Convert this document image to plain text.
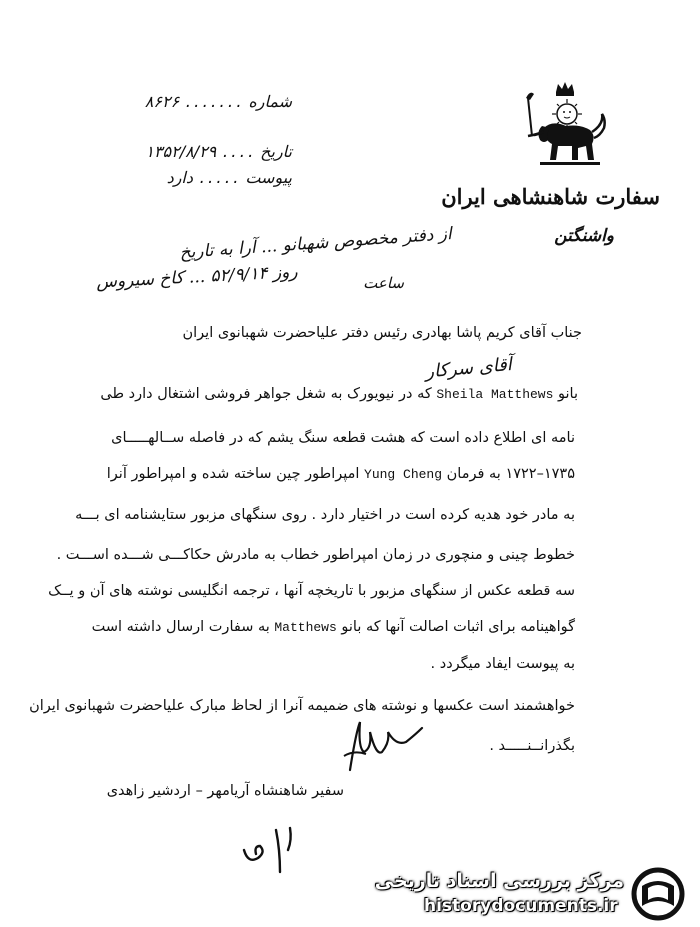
سفارت شاهنشاهی ایران
واشنگتن
شماره ....... ۸۶۲۶
تاریخ .... ۱۳۵۲/۸/۲۹
پیوست ..... دارد
از دفتر مخصوص شهبانو ... آرا به تاریخ
ساعت
روز ۵۲/۹/۱۴ ... کاخ سیروس
جناب آقای کریم پاشا بهادری رئیس دفتر علیاحضرت شهبانوی ایران
آقای سرکار
بانو Sheila Matthews که در نیویورک به شغل جواهر فروشی اشتغال دارد طی
نامه ای اطلاع داده است که هشت قطعه سنگ یشم که در فاصله ســالهـــــای
۱۷۳۵–۱۷۲۲ به فرمان Yung Cheng امپراطور چین ساخته شده و امپراطور آنرا
به مادر خود هدیه کرده است در اختیار دارد . روی سنگهای مزبور ستایشنامه ای بـــه
خطوط چینی و منچوری در زمان امپراطور خطاب به مادرش حکاکـــی شـــده اســـت .
سه قطعه عکس از سنگهای مزبور با تاریخچه آنها ، ترجمه انگلیسی نوشته های آن و یــک
گواهینامه برای اثبات اصالت آنها که بانو Matthews به سفارت ارسال داشته است
به پیوست ایفاد میگردد .
خواهشمند است عکسها و نوشته های ضمیمه آنرا از لحاظ مبارک علیاحضرت شهبانوی ایران
بگذرانــنـــــد .
سفیر شاهنشاه آریامهر – اردشیر زاهدی
مرکز بررسی اسناد تاریخی
historydocuments.ir
